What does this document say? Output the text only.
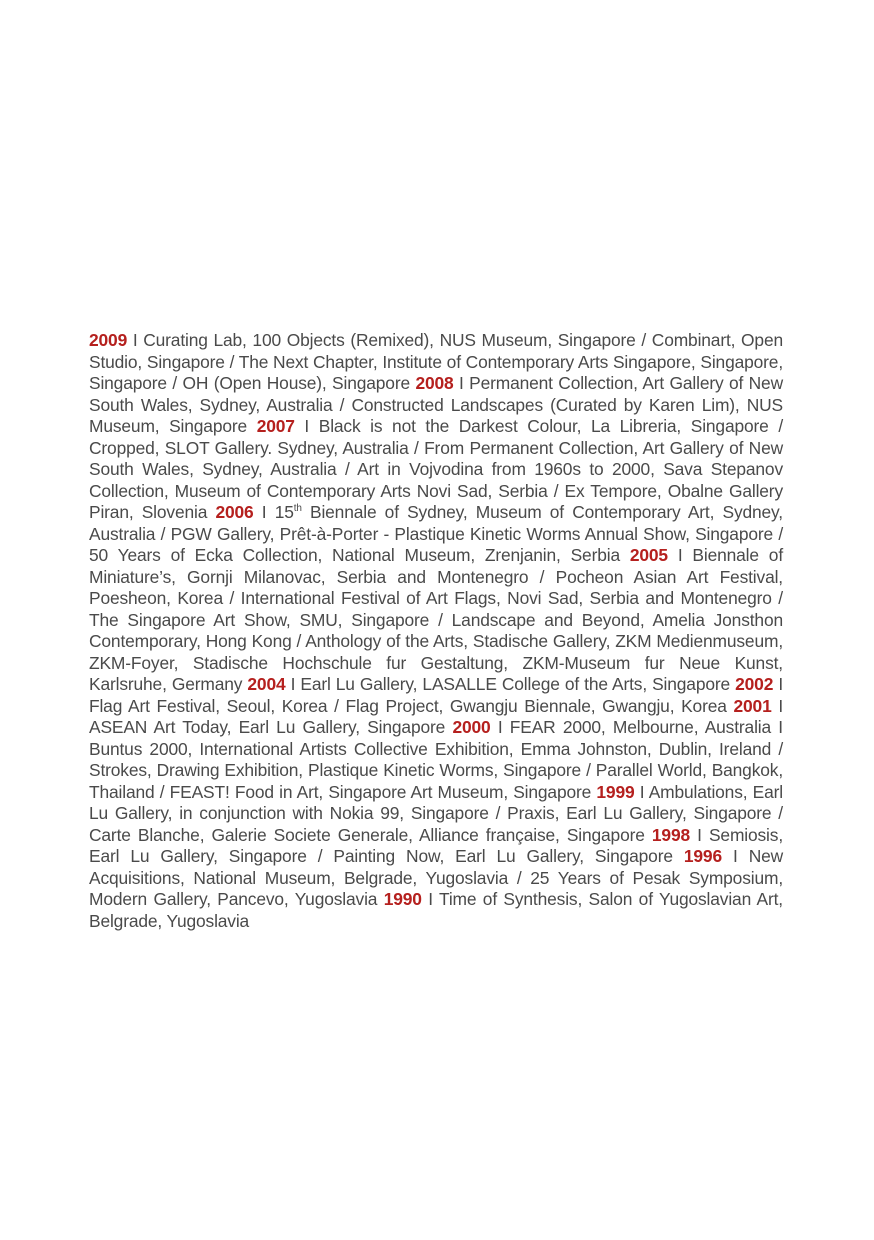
2009 I Curating Lab, 100 Objects (Remixed), NUS Museum, Singapore / Combinart, Open Studio, Singapore / The Next Chapter, Institute of Contemporary Arts Singapore, Singapore, Singapore / OH (Open House), Singapore 2008 I Permanent Collection, Art Gallery of New South Wales, Sydney, Australia / Constructed Landscapes (Curated by Karen Lim), NUS Museum, Singapore 2007 I Black is not the Darkest Colour, La Libreria, Singapore / Cropped, SLOT Gallery. Sydney, Australia / From Permanent Collection, Art Gallery of New South Wales, Sydney, Australia / Art in Vojvodina from 1960s to 2000, Sava Stepanov Collection, Museum of Contemporary Arts Novi Sad, Serbia / Ex Tempore, Obalne Gallery Piran, Slovenia 2006 I 15th Biennale of Sydney, Museum of Contemporary Art, Sydney, Australia / PGW Gallery, Prêt-à-Porter - Plastique Kinetic Worms Annual Show, Singapore / 50 Years of Ecka Collection, National Museum, Zrenjanin, Serbia 2005 I Biennale of Miniature’s, Gornji Milanovac, Serbia and Montenegro / Pocheon Asian Art Festival, Poesheon, Korea / International Festival of Art Flags, Novi Sad, Serbia and Montenegro / The Singapore Art Show, SMU, Singapore / Landscape and Beyond, Amelia Jonsthon Contemporary, Hong Kong / Anthology of the Arts, Stadische Gallery, ZKM Medienmuseum, ZKM-Foyer, Stadische Hochschule fur Gestaltung, ZKM-Museum fur Neue Kunst, Karlsruhe, Germany 2004 I Earl Lu Gallery, LASALLE College of the Arts, Singapore 2002 I Flag Art Festival, Seoul, Korea / Flag Project, Gwangju Biennale, Gwangju, Korea 2001 I ASEAN Art Today, Earl Lu Gallery, Singapore 2000 I FEAR 2000, Melbourne, Australia I Buntus 2000, International Artists Collective Exhibition, Emma Johnston, Dublin, Ireland / Strokes, Drawing Exhibition, Plastique Kinetic Worms, Singapore / Parallel World, Bangkok, Thailand / FEAST! Food in Art, Singapore Art Museum, Singapore 1999 I Ambulations, Earl Lu Gallery, in conjunction with Nokia 99, Singapore / Praxis, Earl Lu Gallery, Singapore / Carte Blanche, Galerie Societe Generale, Alliance française, Singapore 1998 I Semiosis, Earl Lu Gallery, Singapore / Painting Now, Earl Lu Gallery, Singapore 1996 I New Acquisitions, National Museum, Belgrade, Yugoslavia / 25 Years of Pesak Symposium, Modern Gallery, Pancevo, Yugoslavia 1990 I Time of Synthesis, Salon of Yugoslavian Art, Belgrade, Yugoslavia
